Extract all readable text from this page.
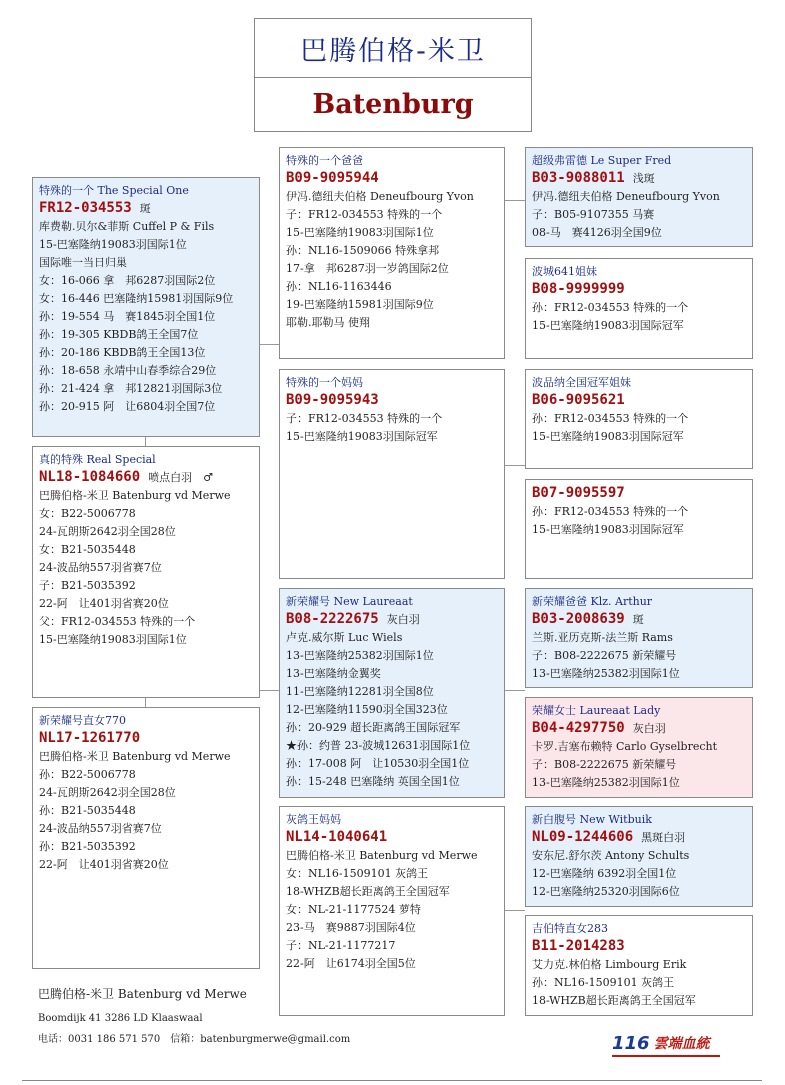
巴腾伯格-米卫
Batenburg
特殊的一个 The Special One
FR12-034553 斑
库费勒.贝尔&菲斯 Cuffel P & Fils
15-巴塞隆纳19083羽国际1位
国际唯一当日归巢
女：16-066 拿　邦6287羽国际2位
女：16-446 巴塞隆纳15981羽国际9位
孙：19-554 马　赛1845羽全国1位
孙：19-305 KBDB鸽王全国7位
孙：20-186 KBDB鸽王全国13位
孙：18-658 永靖中山春季综合29位
孙：21-424 拿　邦12821羽国际3位
孙：20-915 阿　让6804羽全国7位
真的特殊 Real Special
NL18-1084660 喷点白羽　♂
巴腾伯格-米卫 Batenburg vd Merwe
女：B22-5006778
24-瓦朗斯2642羽全国28位
女：B21-5035448
24-波品纳557羽省赛7位
子：B21-5035392
22-阿　让401羽省赛20位
父：FR12-034553 特殊的一个
15-巴塞隆纳19083羽国际1位
新荣耀号直女770
NL17-1261770
巴腾伯格-米卫 Batenburg vd Merwe
孙：B22-5006778
24-瓦朗斯2642羽全国28位
孙：B21-5035448
24-波品纳557羽省赛7位
孙：B21-5035392
22-阿　让401羽省赛20位
特殊的一个爸爸
B09-9095944
伊冯.德纽夫伯格 Deneufbourg Yvon
子：FR12-034553 特殊的一个
15-巴塞隆纳19083羽国际1位
孙：NL16-1509066 特殊拿邦
17-拿　邦6287羽一岁鸽国际2位
孙：NL16-1163446
19-巴塞隆纳15981羽国际9位
耶勒.耶勒马 使翔
特殊的一个妈妈
B09-9095943
子：FR12-034553 特殊的一个
15-巴塞隆纳19083羽国际冠军
新荣耀号 New Laureaat
B08-2222675 灰白羽
卢克.威尔斯 Luc Wiels
13-巴塞隆纳25382羽国际1位
13-巴塞隆纳金翼奖
11-巴塞隆纳12281羽全国8位
12-巴塞隆纳11590羽全国323位
孙：20-929 超长距离鸽王国际冠军
★孙：约普 23-波城12631羽国际1位
孙：17-008 阿　让10530羽全国1位
孙：15-248 巴塞隆纳 英国全国1位
灰鸽王妈妈
NL14-1040641
巴腾伯格-米卫 Batenburg vd Merwe
女：NL16-1509101 灰鸽王
18-WHZB超长距离鸽王全国冠军
女：NL-21-1177524 萝特
23-马　赛9887羽国际4位
子：NL-21-1177217
22-阿　让6174羽全国5位
超级弗雷德 Le Super Fred
B03-9088011 浅斑
伊冯.德纽夫伯格 Deneufbourg Yvon
子：B05-9107355 马赛
08-马　赛4126羽全国9位
波城641姐妹
B08-9999999
孙：FR12-034553 特殊的一个
15-巴塞隆纳19083羽国际冠军
波品纳全国冠军姐妹
B06-9095621
孙：FR12-034553 特殊的一个
15-巴塞隆纳19083羽国际冠军
B07-9095597
孙：FR12-034553 特殊的一个
15-巴塞隆纳19083羽国际冠军
新荣耀爸爸 Klz. Arthur
B03-2008639 斑
兰斯.亚历克斯-法兰斯 Rams
子：B08-2222675 新荣耀号
13-巴塞隆纳25382羽国际1位
荣耀女士 Laureaat Lady
B04-4297750 灰白羽
卡罗.吉塞布赖特 Carlo Gyselbrecht
子：B08-2222675 新荣耀号
13-巴塞隆纳25382羽国际1位
新白腹号 New Witbuik
NL09-1244606 黑斑白羽
安东尼.舒尔茨 Antony Schults
12-巴塞隆纳 6392羽全国1位
12-巴塞隆纳25320羽国际6位
吉伯特直女283
B11-2014283
艾力克.林伯格 Limbourg Erik
孙：NL16-1509101 灰鸽王
18-WHZB超长距离鸽王全国冠军
巴腾伯格-米卫 Batenburg vd Merwe
Boomdijk 41 3286 LD Klaaswaal
电话：0031 186 571 570　信箱：batenburgmerwe@gmail.com	116 雲端血統
